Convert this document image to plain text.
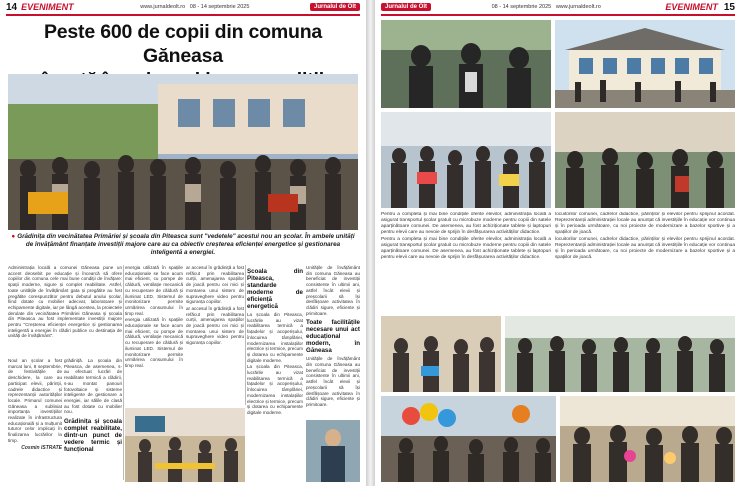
14 EVENIMENT	www.jurnaldeolt.ro 08 - 14 septembrie 2025	Jurnalul de Olt
Peste 600 de copii din comuna Găneasa
● Grădinița din vecinătatea Primăriei și școala din Piteasca sunt "vedetele" acestui nou an școlar. În ambele unități de învățământ finanțate investiții majore care au ca obiectiv creșterea eficienței energetice și gestionarea inteligentă a energiei.

Administrația locală a comunei Găneasa pune un accent deosebit pe educație și încearcă să ofere copiilor din comuna cele mai bune condiții de învățare: spații moderne, sigure și complet reabilitate. Astfel, toate unitățile de învățământ gata și pregătite au fost pregătite corespunzător pentru debutul anului școlar, fiind dotate cu mobilier adecvat, laboratoare și echipamente digitale, iar pe lângă acestea, la proiectele derulate din vecinătatea Primăriei Găneasa și școala din Piteasca au fost implementate investiții majore pentru "Creșterea eficienței energetice și gestionarea inteligentă a energiei în clădiri publice cu destinația de unități de învățământ".

Noul an școlar a fost marcat luni, 8 septembrie, de festivitățile de deschidere, la care au participat elevii, părinții, cadrele didactice și reprezentanții autorităților locale. Primarul comunei Găneasa a subliniat importanța investițiilor realizate în infrastructura educațională și a mulțumit tuturor celor implicați în finalizarea lucrărilor la timp.

Cosmin ISTRATE

grădiniță. La școala din Piteasca, de asemenea, s-au efectuat lucrări de reabilitate termică a clădirii, s-au montat panouri fotovoltaice și sisteme inteligente de gestionare a energiei, iar sălile de clasă au fost dotate cu mobilier nou.

Grădinița și școala complet reabilitate, dintr-un punct de vedere termic și funcțional

energia utilizată în spațiile educaționale se face acum mai eficient, cu pompe de căldură, ventilație mecanică cu recuperare de căldură și iluminat LED. Sistemul de monitorizare permite urmărirea consumului în timp real.

energia utilizată în spațiile educaționale se face acum mai eficient, cu pompe de căldură, ventilație mecanică cu recuperare de căldură și iluminat LED. Sistemul de monitorizare permite urmărirea consumului în timp real.

ar accesul în grădiniță a fost refăcut prin reabilitarea curții, amenajarea spațiilor de joacă pentru cei mici și montarea unui sistem de supraveghere video pentru siguranța copiilor.

ar accesul în grădiniță a fost refăcut prin reabilitarea curții, amenajarea spațiilor de joacă pentru cei mici și montarea unui sistem de supraveghere video pentru siguranța copiilor.

Școala din Piteasca, standarde moderne de eficiență energetică

La școala din Piteasca, lucrările au vizat reabilitarea termică a fațadelor și acoperișului, înlocuirea tâmplăriei, modernizarea instalațiilor electrice și termice, precum și dotarea cu echipamente digitale moderne.

La școala din Piteasca, lucrările au vizat reabilitarea termică a fațadelor și acoperișului, înlocuirea tâmplăriei, modernizarea instalațiilor electrice și termice, precum și dotarea cu echipamente digitale moderne.

Unitățile de învățământ din comuna Găneasa au beneficiat de investiții consistente în ultimii ani, astfel încât elevii și preșcolarii să își desfășoare activitatea în clădiri sigure, eficiente și primitoare.

Toate facilitățile necesare unui act educațional modern, în Găneasa

Unitățile de învățământ din comuna Găneasa au beneficiat de investiții consistente în ultimii ani, astfel încât elevii și preșcolarii să își desfășoare activitatea în clădiri sigure, eficiente și primitoare.

Jurnalul de Olt	08 - 14 septembrie 2025 www.jurnaldeolt.ro	EVENIMENT 15

Pentru a completa și mai bine condițiile oferite elevilor, administrația locală a asigurat transportul școlar gratuit cu microbuze moderne pentru copiii din satele aparținătoare comunei. De asemenea, au fost achiziționate tablete și laptopuri pentru elevii care au nevoie de sprijin în desfășurarea activităților didactice.

Pentru a completa și mai bine condițiile oferite elevilor, administrația locală a asigurat transportul școlar gratuit cu microbuze moderne pentru copiii din satele aparținătoare comunei. De asemenea, au fost achiziționate tablete și laptopuri pentru elevii care au nevoie de sprijin în desfășurarea activităților didactice.

locuitorilor comunei, cadrelor didactice, părinților și elevilor pentru sprijinul acordat. Reprezentanții administrației locale au anunțat că investițiile în educație vor continua și în perioada următoare, cu noi proiecte de modernizare a bazelor sportive și a spațiilor de joacă.

locuitorilor comunei, cadrelor didactice, părinților și elevilor pentru sprijinul acordat. Reprezentanții administrației locale au anunțat că investițiile în educație vor continua și în perioada următoare, cu noi proiecte de modernizare a bazelor sportive și a spațiilor de joacă.
